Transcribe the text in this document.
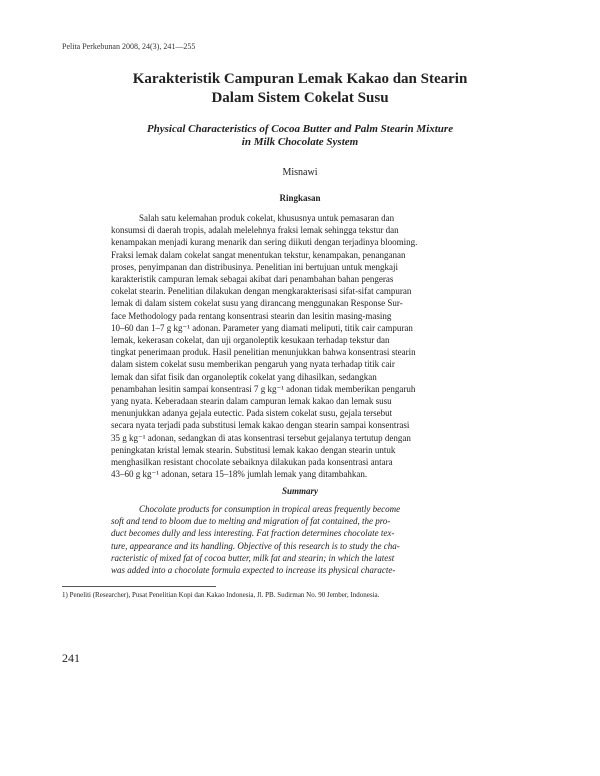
Pelita Perkebunan 2008, 24(3), 241—255
Karakteristik Campuran Lemak Kakao dan Stearin
Dalam Sistem Cokelat Susu
Physical Characteristics of Cocoa Butter and Palm Stearin Mixture
in Milk Chocolate System
Misnawi
Ringkasan

Salah satu kelemahan produk cokelat, khususnya untuk pemasaran dan
konsumsi di daerah tropis, adalah melelehnya fraksi lemak sehingga tekstur dan
kenampakan menjadi kurang menarik dan sering diikuti dengan terjadinya blooming.
Fraksi lemak dalam cokelat sangat menentukan tekstur, kenampakan, penanganan
proses, penyimpanan dan distribusinya. Penelitian ini bertujuan untuk mengkaji
karakteristik campuran lemak sebagai akibat dari penambahan bahan pengeras
cokelat stearin. Penelitian dilakukan dengan mengkarakterisasi sifat-sifat campuran
lemak di dalam sistem cokelat susu yang dirancang menggunakan Response Sur-
face Methodology pada rentang konsentrasi stearin dan lesitin masing-masing
10–60 dan 1–7 g kg⁻¹ adonan. Parameter yang diamati meliputi, titik cair campuran
lemak, kekerasan cokelat, dan uji organoleptik kesukaan terhadap tekstur dan
tingkat penerimaan produk. Hasil penelitian menunjukkan bahwa konsentrasi stearin
dalam sistem cokelat susu memberikan pengaruh yang nyata terhadap titik cair
lemak dan sifat fisik dan organoleptik cokelat yang dihasilkan, sedangkan
penambahan lesitin sampai konsentrasi 7 g kg⁻¹ adonan tidak memberikan pengaruh
yang nyata. Keberadaan stearin dalam campuran lemak kakao dan lemak susu
menunjukkan adanya gejala eutectic. Pada sistem cokelat susu, gejala tersebut
secara nyata terjadi pada substitusi lemak kakao dengan stearin sampai konsentrasi
35 g kg⁻¹ adonan, sedangkan di atas konsentrasi tersebut gejalanya tertutup dengan
peningkatan kristal lemak stearin. Substitusi lemak kakao dengan stearin untuk
menghasilkan resistant chocolate sebaiknya dilakukan pada konsentrasi antara
43–60 g kg⁻¹ adonan, setara 15–18% jumlah lemak yang ditambahkan.

Summary

Chocolate products for consumption in tropical areas frequently become
soft and tend to bloom due to melting and migration of fat contained, the pro-
duct becomes dully and less interesting. Fat fraction determines chocolate tex-
ture, appearance and its handling. Objective of this research is to study the cha-
racteristic of mixed fat of cocoa butter, milk fat and stearin; in which the latest
was added into a chocolate formula expected to increase its physical characte-

1) Peneliti (Researcher), Pusat Penelitian Kopi dan Kakao Indonesia, Jl. PB. Sudirman No. 90 Jember, Indonesia.
241
